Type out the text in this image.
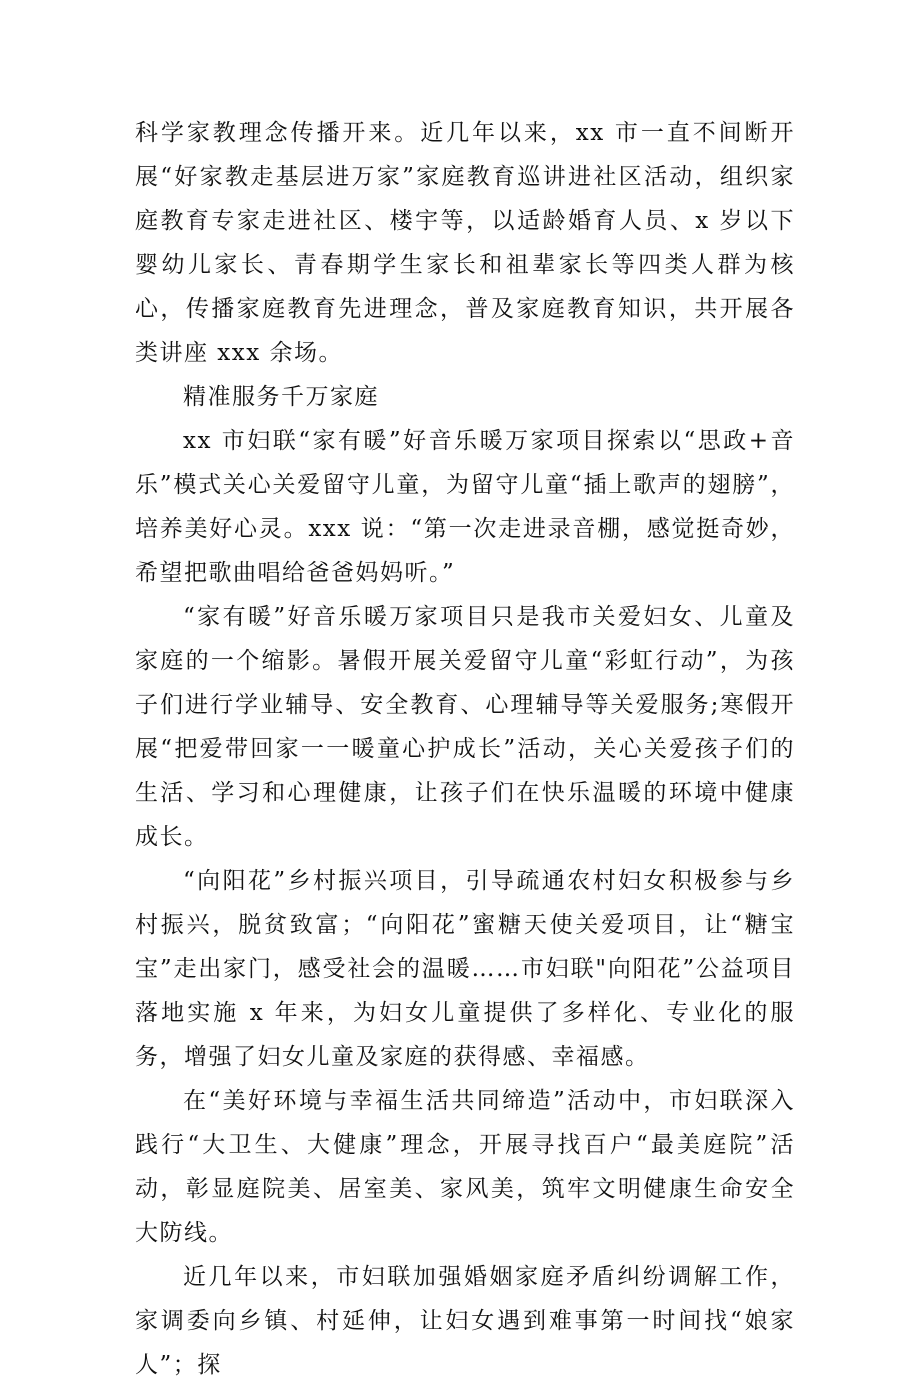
科学家教理念传播开来。近几年以来，xx 市一直不间断开展“好家教走基层进万家”家庭教育巡讲进社区活动，组织家庭教育专家走进社区、楼宇等，以适龄婚育人员、x 岁以下婴幼儿家长、青春期学生家长和祖辈家长等四类人群为核心，传播家庭教育先进理念，普及家庭教育知识，共开展各类讲座 xxx 余场。

精准服务千万家庭

xx 市妇联“家有暖”好音乐暖万家项目探索以“思政+音乐”模式关心关爱留守儿童，为留守儿童“插上歌声的翅膀”，培养美好心灵。xxx 说：“第一次走进录音棚，感觉挺奇妙，希望把歌曲唱给爸爸妈妈听。”

“家有暖”好音乐暖万家项目只是我市关爱妇女、儿童及家庭的一个缩影。暑假开展关爱留守儿童“彩虹行动”，为孩子们进行学业辅导、安全教育、心理辅导等关爱服务;寒假开展“把爱带回家一一暖童心护成长”活动，关心关爱孩子们的生活、学习和心理健康，让孩子们在快乐温暖的环境中健康成长。

“向阳花”乡村振兴项目，引导疏通农村妇女积极参与乡村振兴，脱贫致富；“向阳花”蜜糖天使关爱项目，让“糖宝宝”走出家门，感受社会的温暖……市妇联"向阳花”公益项目落地实施 x 年来，为妇女儿童提供了多样化、专业化的服务，增强了妇女儿童及家庭的获得感、幸福感。

在“美好环境与幸福生活共同缔造”活动中，市妇联深入践行“大卫生、大健康”理念，开展寻找百户“最美庭院”活动，彰显庭院美、居室美、家风美，筑牢文明健康生命安全大防线。

近几年以来，市妇联加强婚姻家庭矛盾纠纷调解工作，家调委向乡镇、村延伸，让妇女遇到难事第一时间找“娘家人”；探
